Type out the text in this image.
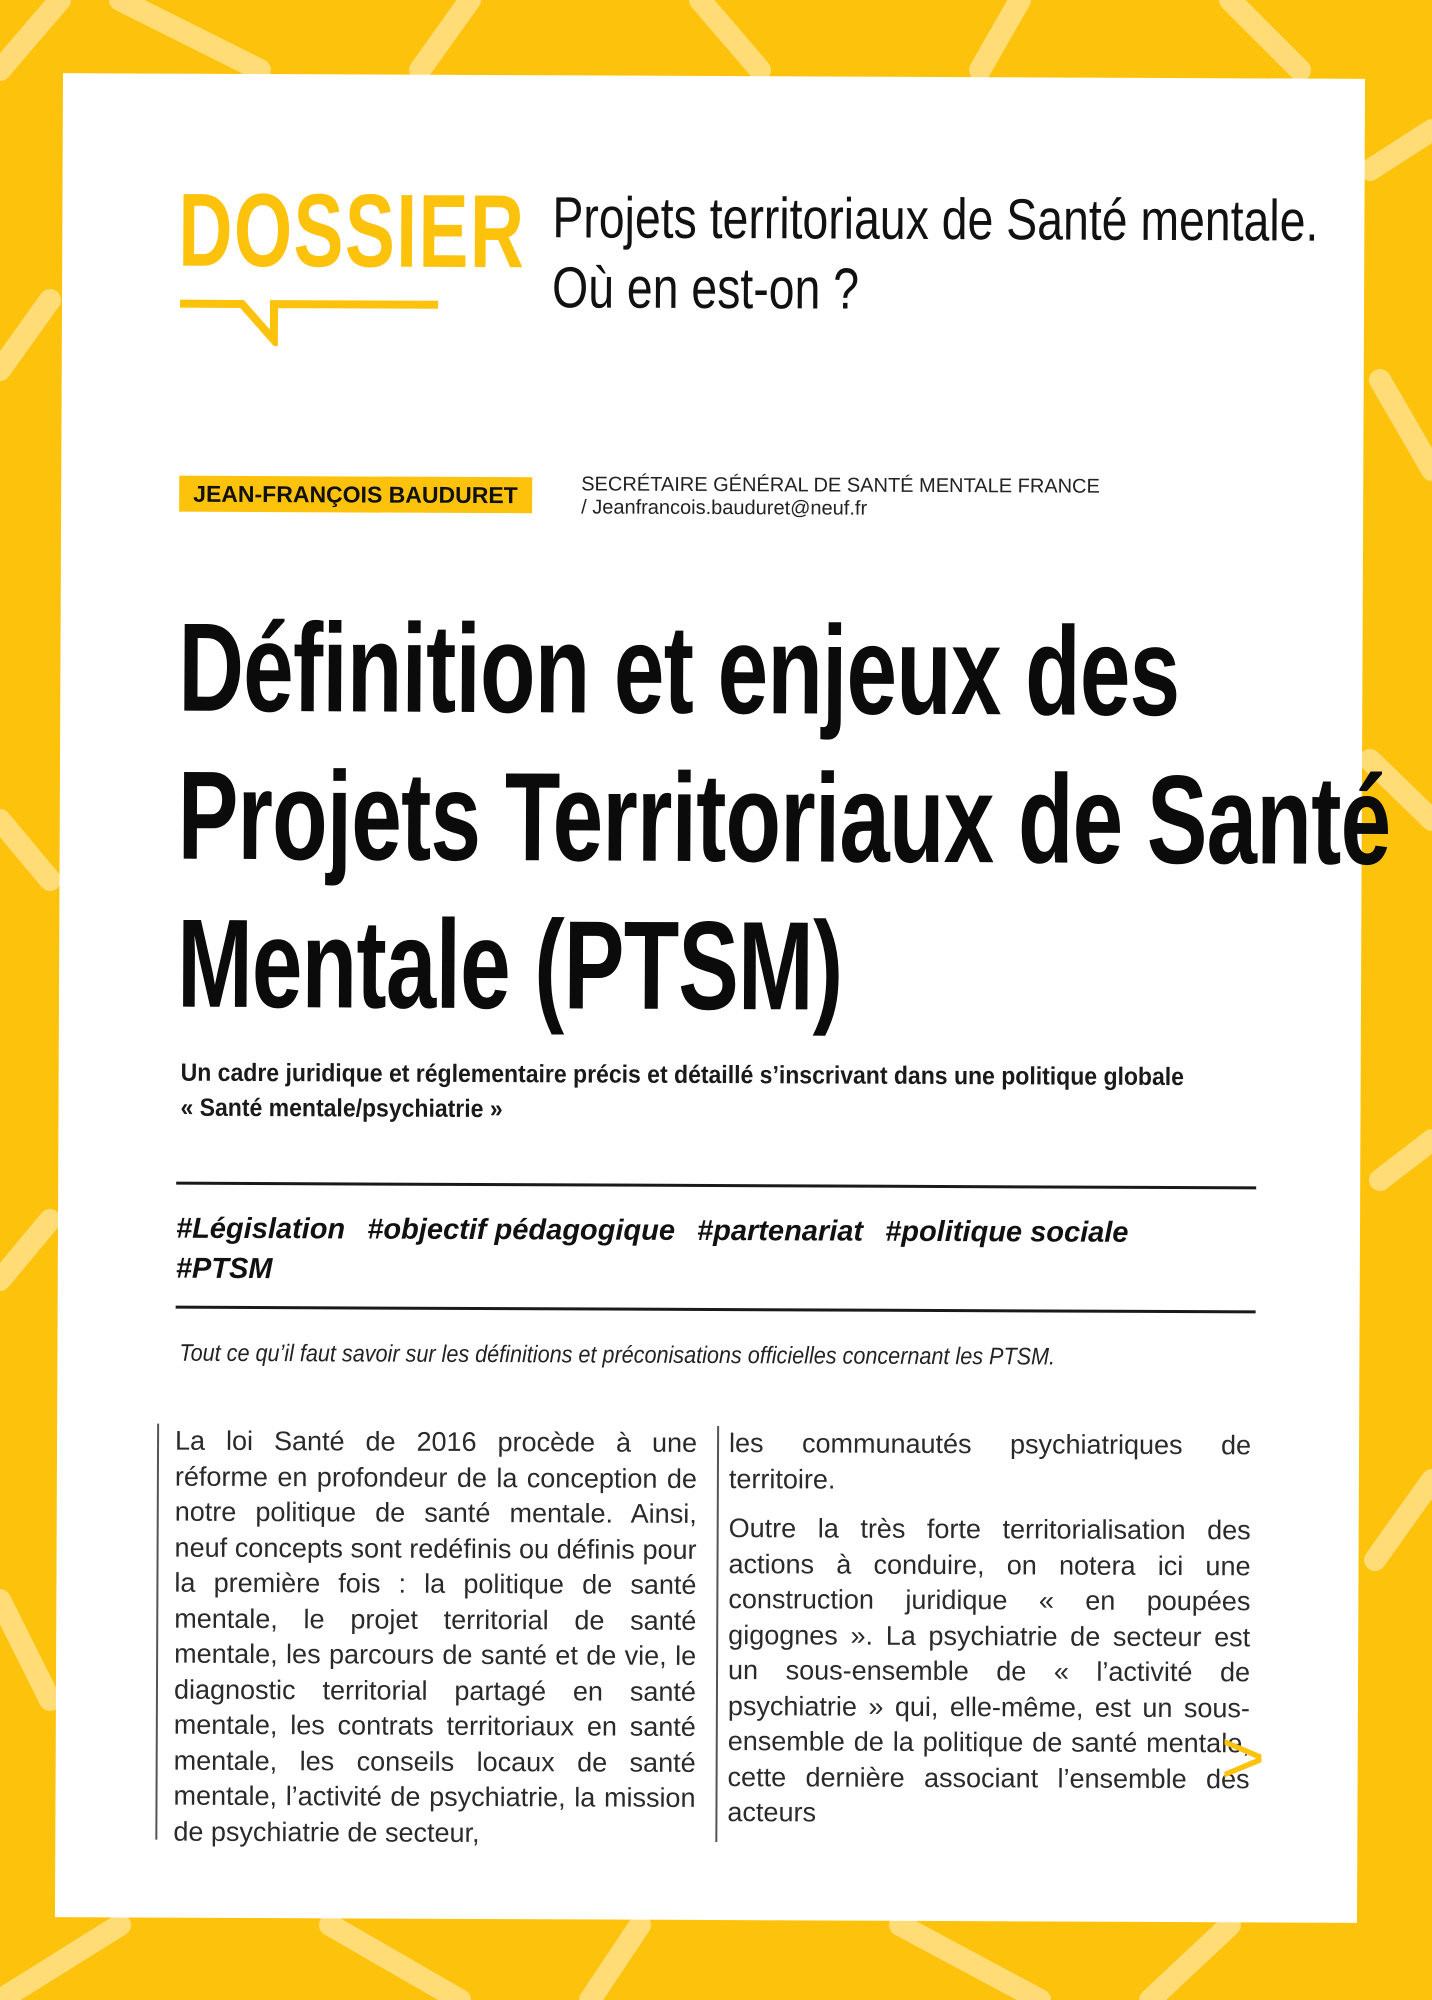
DOSSIER Projets territoriaux de Santé mentale.
Où en est-on ?
JEAN-FRANÇOIS BAUDURET	SECRÉTAIRE GÉNÉRAL DE SANTÉ MENTALE FRANCE
/ Jeanfrancois.bauduret@neuf.fr
Définition et enjeux des
Projets Territoriaux de Santé
Mentale (PTSM)
Un cadre juridique et réglementaire précis et détaillé s’inscrivant dans une politique globale
« Santé mentale/psychiatrie »
#Législation #objectif pédagogique #partenariat #politique sociale
#PTSM
Tout ce qu’il faut savoir sur les définitions et préconisations officielles concernant les PTSM.

La loi Santé de 2016 procède à une réforme en profondeur de la conception de notre politique de santé mentale. Ainsi, neuf concepts sont redéfinis ou définis pour la première fois : la politique de santé mentale, le projet territorial de santé mentale, les parcours de santé et de vie, le diagnostic territorial partagé en santé mentale, les contrats territoriaux en santé mentale, les conseils locaux de santé mentale, l’activité de psychiatrie, la mission de psychiatrie de secteur,

les communautés psychiatriques de territoire.

Outre la très forte territorialisation des actions à conduire, on notera ici une construction juridique « en poupées gigognes ». La psychiatrie de secteur est un sous-ensemble de « l’activité de psychiatrie » qui, elle-même, est un sous-ensemble de la politique de santé mentale, cette dernière associant l’ensemble des acteurs

>
